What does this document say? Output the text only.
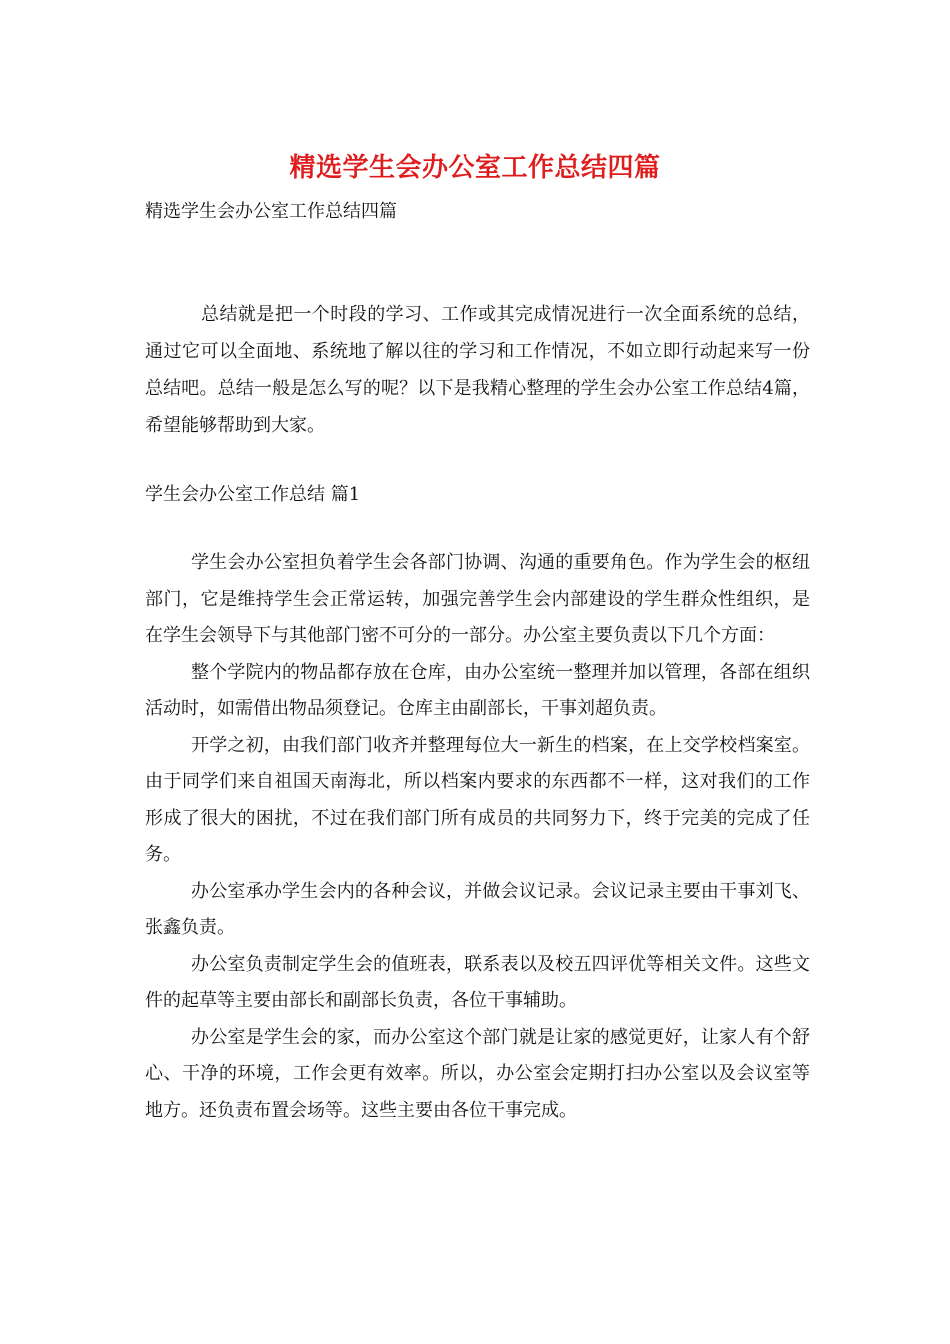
精选学生会办公室工作总结四篇
精选学生会办公室工作总结四篇

总结就是把一个时段的学习、工作或其完成情况进行一次全面系统的总结，通过它可以全面地、系统地了解以往的学习和工作情况，不如立即行动起来写一份总结吧。总结一般是怎么写的呢？以下是我精心整理的学生会办公室工作总结4篇，希望能够帮助到大家。

学生会办公室工作总结 篇1

学生会办公室担负着学生会各部门协调、沟通的重要角色。作为学生会的枢纽部门，它是维持学生会正常运转，加强完善学生会内部建设的学生群众性组织，是在学生会领导下与其他部门密不可分的一部分。办公室主要负责以下几个方面：

整个学院内的物品都存放在仓库，由办公室统一整理并加以管理，各部在组织活动时，如需借出物品须登记。仓库主由副部长，干事刘超负责。

开学之初，由我们部门收齐并整理每位大一新生的档案，在上交学校档案室。由于同学们来自祖国天南海北，所以档案内要求的东西都不一样，这对我们的工作形成了很大的困扰，不过在我们部门所有成员的共同努力下，终于完美的完成了任务。

办公室承办学生会内的各种会议，并做会议记录。会议记录主要由干事刘飞、张鑫负责。

办公室负责制定学生会的值班表，联系表以及校五四评优等相关文件。这些文件的起草等主要由部长和副部长负责，各位干事辅助。

办公室是学生会的家，而办公室这个部门就是让家的感觉更好，让家人有个舒心、干净的环境，工作会更有效率。所以，办公室会定期打扫办公室以及会议室等地方。还负责布置会场等。这些主要由各位干事完成。
